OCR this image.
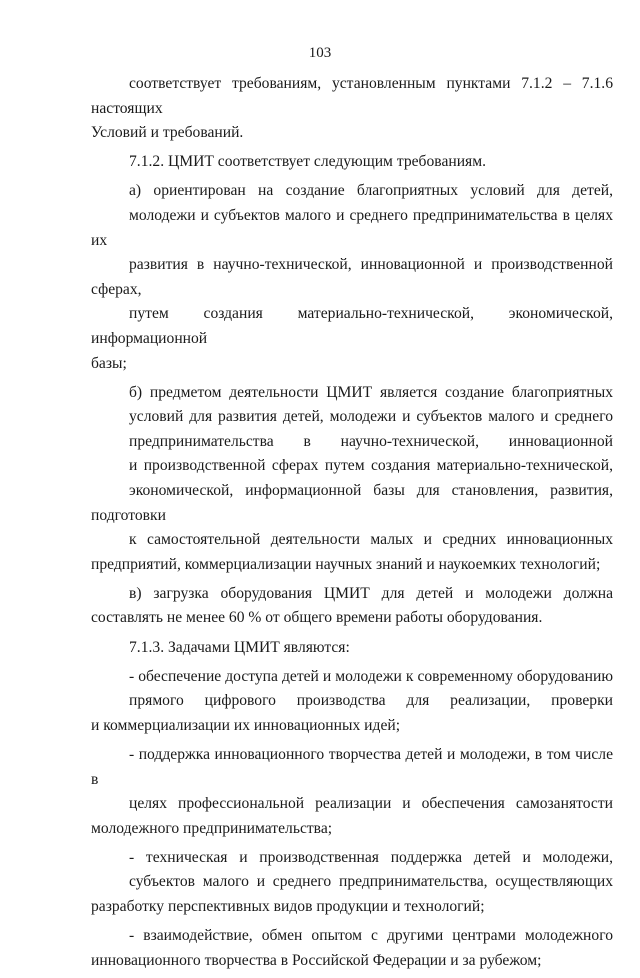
103
соответствует требованиям, установленным пунктами 7.1.2 – 7.1.6 настоящих
Условий и требований.
7.1.2. ЦМИТ соответствует следующим требованиям.
а) ориентирован на создание благоприятных условий для детей,
молодежи и субъектов малого и среднего предпринимательства в целях их
развития в научно-технической, инновационной и производственной сферах,
путем создания материально-технической, экономической, информационной
базы;
б) предметом деятельности ЦМИТ является создание благоприятных
условий для развития детей, молодежи и субъектов малого и среднего
предпринимательства в научно-технической, инновационной
и производственной сферах путем создания материально-технической,
экономической, информационной базы для становления, развития, подготовки
к самостоятельной деятельности малых и средних инновационных
предприятий, коммерциализации научных знаний и наукоемких технологий;
в) загрузка оборудования ЦМИТ для детей и молодежи должна
составлять не менее 60 % от общего времени работы оборудования.
7.1.3. Задачами ЦМИТ являются:
- обеспечение доступа детей и молодежи к современному оборудованию
прямого цифрового производства для реализации, проверки
и коммерциализации их инновационных идей;
- поддержка инновационного творчества детей и молодежи, в том числе в
целях профессиональной реализации и обеспечения самозанятости
молодежного предпринимательства;
- техническая и производственная поддержка детей и молодежи,
субъектов малого и среднего предпринимательства, осуществляющих
разработку перспективных видов продукции и технологий;
- взаимодействие, обмен опытом с другими центрами молодежного
инновационного творчества в Российской Федерации и за рубежом;
